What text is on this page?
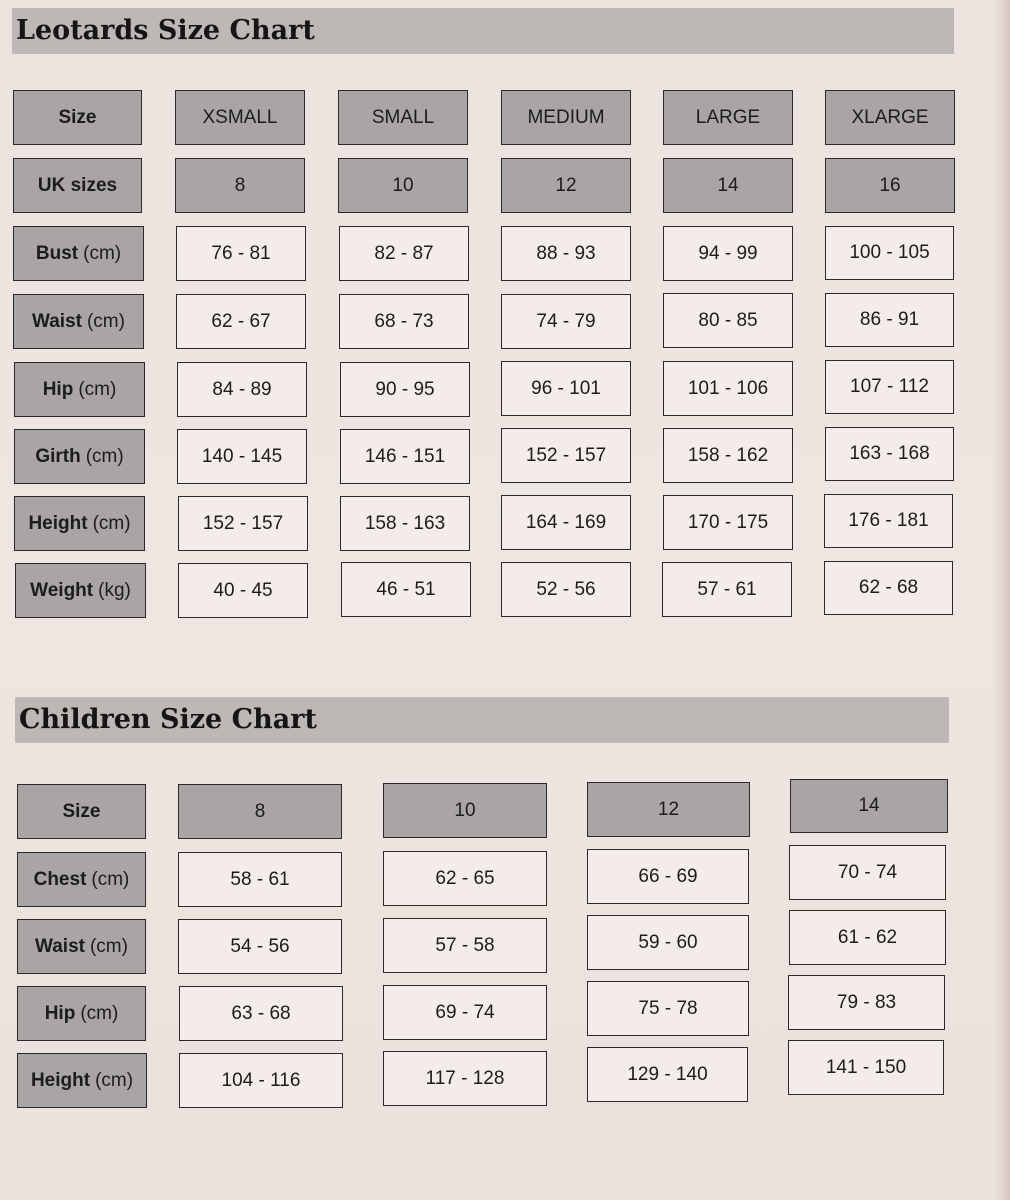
Leotards Size Chart
Size	XSMALL	SMALL	MEDIUM	LARGE	XLARGE
UK sizes	8	10	12	14	16
Bust (cm)	76 - 81	82 - 87	88 - 93	94 - 99	100 - 105
Waist (cm)	62 - 67	68 - 73	74 - 79	80 - 85	86 - 91
Hip (cm)	84 - 89	90 - 95	96 - 101	101 - 106	107 - 112
Girth (cm)	140 - 145	146 - 151	152 - 157	158 - 162	163 - 168
Height (cm)	152 - 157	158 - 163	164 - 169	170 - 175	176 - 181
Weight (kg)	40 - 45	46 - 51	52 - 56	57 - 61	62 - 68
Children Size Chart
Size	8	10	12	14
Chest (cm)	58 - 61	62 - 65	66 - 69	70 - 74
Waist (cm)	54 - 56	57 - 58	59 - 60	61 - 62
Hip (cm)	63 - 68	69 - 74	75 - 78	79 - 83
Height (cm)	104 - 116	117 - 128	129 - 140	141 - 150
